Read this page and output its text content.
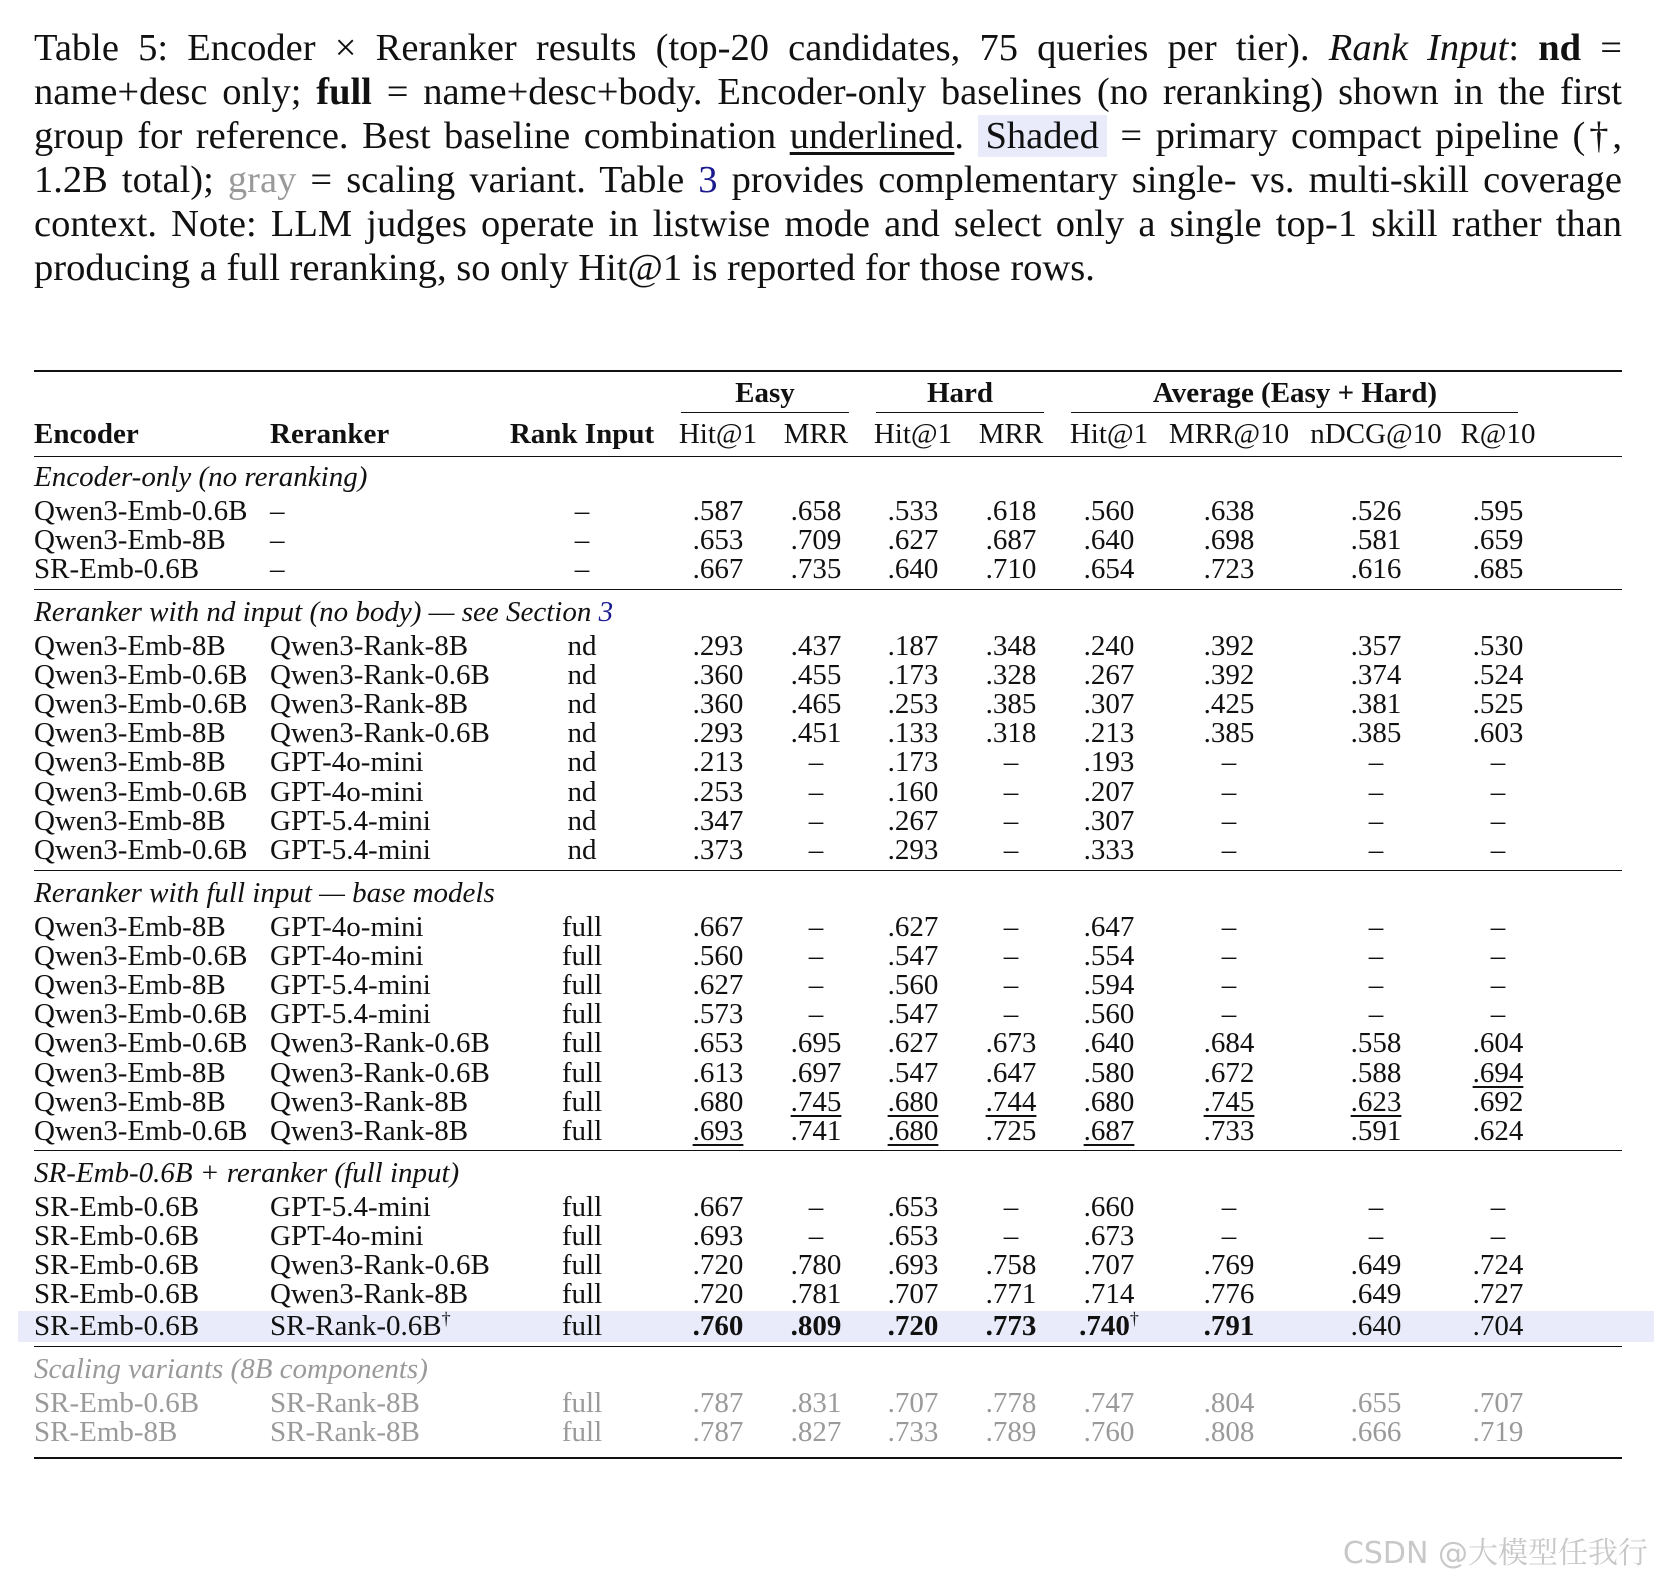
Table 5: Encoder × Reranker results (top-20 candidates, 75 queries per tier). Rank Input: nd = name+desc only; full = name+desc+body. Encoder-only baselines (no reranking) shown in the first group for reference. Best baseline combination underlined. Shaded = primary compact pipeline (†, 1.2B total); gray = scaling variant. Table 3 provides complementary single- vs. multi-skill coverage context. Note: LLM judges operate in listwise mode and select only a single top-1 skill rather than producing a full reranking, so only Hit@1 is reported for those rows.
Easy	Hard	Average (Easy + Hard)
Encoder	Reranker	Rank Input Hit@1 MRR Hit@1 MRR Hit@1 MRR@10 nDCG@10 R@10
Encoder-only (no reranking)
Qwen3-Emb-0.6B –	–	.587 .658 .533 .618 .560 .638	.526 .595
Qwen3-Emb-8B –	–	.653 .709 .627 .687 .640 .698	.581 .659
SR-Emb-0.6B –	–	.667 .735 .640 .710 .654 .723	.616 .685
Reranker with nd input (no body) — see Section 3
Qwen3-Emb-8B Qwen3-Rank-8B	nd	.293 .437 .187 .348 .240 .392	.357 .530
Qwen3-Emb-0.6B Qwen3-Rank-0.6B	nd	.360 .455 .173 .328 .267 .392	.374 .524
Qwen3-Emb-0.6B Qwen3-Rank-8B	nd	.360 .465 .253 .385 .307 .425	.381 .525
Qwen3-Emb-8B Qwen3-Rank-0.6B	nd	.293 .451 .133 .318 .213 .385	.385 .603
Qwen3-Emb-8B GPT-4o-mini	nd	.213 – .173 – .193	–	–	–
Qwen3-Emb-0.6B GPT-4o-mini	nd	.253 – .160 – .207	–	–	–
Qwen3-Emb-8B GPT-5.4-mini	nd	.347 – .267 – .307	–	–	–
Qwen3-Emb-0.6B GPT-5.4-mini	nd	.373 – .293 – .333	–	–	–
Reranker with full input — base models
Qwen3-Emb-8B GPT-4o-mini	full	.667 – .627 – .647	–	–	–
Qwen3-Emb-0.6B GPT-4o-mini	full	.560 – .547 – .554	–	–	–
Qwen3-Emb-8B GPT-5.4-mini	full	.627 – .560 – .594	–	–	–
Qwen3-Emb-0.6B GPT-5.4-mini	full	.573 – .547 – .560	–	–	–
Qwen3-Emb-0.6B Qwen3-Rank-0.6B full	.653 .695 .627 .673 .640 .684	.558 .604
Qwen3-Emb-8B Qwen3-Rank-0.6B full	.613 .697 .547 .647 .580 .672	.588 .694
Qwen3-Emb-8B Qwen3-Rank-8B	full	.680 .745 .680 .744 .680 .745	.623 .692
Qwen3-Emb-0.6B Qwen3-Rank-8B	full	.693 .741 .680 .725 .687 .733	.591 .624
SR-Emb-0.6B + reranker (full input)
SR-Emb-0.6B GPT-5.4-mini	full	.667 – .653 – .660	–	–	–
SR-Emb-0.6B GPT-4o-mini	full	.693 – .653 – .673	–	–	–
SR-Emb-0.6B Qwen3-Rank-0.6B full	.720 .780 .693 .758 .707 .769	.649 .724
SR-Emb-0.6B Qwen3-Rank-8B	full	.720 .781 .707 .771 .714 .776	.649 .727
SR-Emb-0.6B SR-Rank-0.6B†	full	.760 .809 .720 .773 .740† .791	.640 .704
Scaling variants (8B components)
SR-Emb-0.6B SR-Rank-8B	full	.787 .831 .707 .778 .747 .804	.655 .707
SR-Emb-8B	SR-Rank-8B	full	.787 .827 .733 .789 .760 .808	.666 .719
CSDN @大模型任我行
